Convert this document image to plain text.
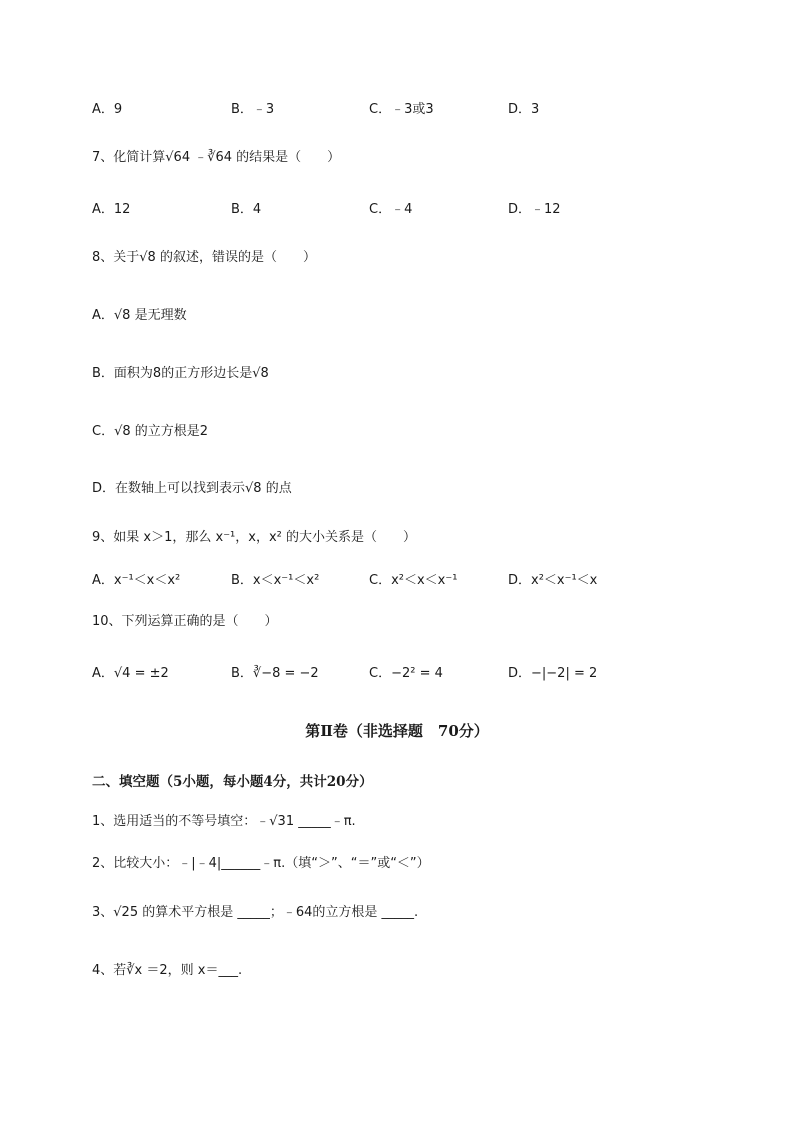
A．9	B．﹣3	C．﹣3或3	D．3
7、化简计算√64 ﹣∛64 的结果是（　　）
A．12	B．4	C．﹣4	D．﹣12
8、关于√8 的叙述，错误的是（　　）
A．√8 是无理数
B．面积为8的正方形边长是√8
C．√8 的立方根是2
D．在数轴上可以找到表示√8 的点
9、如果 x＞1，那么 x⁻¹，x，x² 的大小关系是（　　）
A．x⁻¹＜x＜x²	B．x＜x⁻¹＜x²	C．x²＜x＜x⁻¹	D．x²＜x⁻¹＜x
10、下列运算正确的是（　　）
A．√4 = ±2	B．∛−8 = −2	C．−2² = 4	D．−|−2| = 2
第Ⅱ卷（非选择题　70分）
二、填空题（5小题，每小题4分，共计20分）
1、选用适当的不等号填空：﹣√31 _____﹣π.
2、比较大小：﹣|﹣4|______﹣π.（填“＞”、“＝”或“＜”）
3、√25 的算术平方根是 _____；﹣64的立方根是 _____.
4、若∛x ＝2，则 x＝___.
